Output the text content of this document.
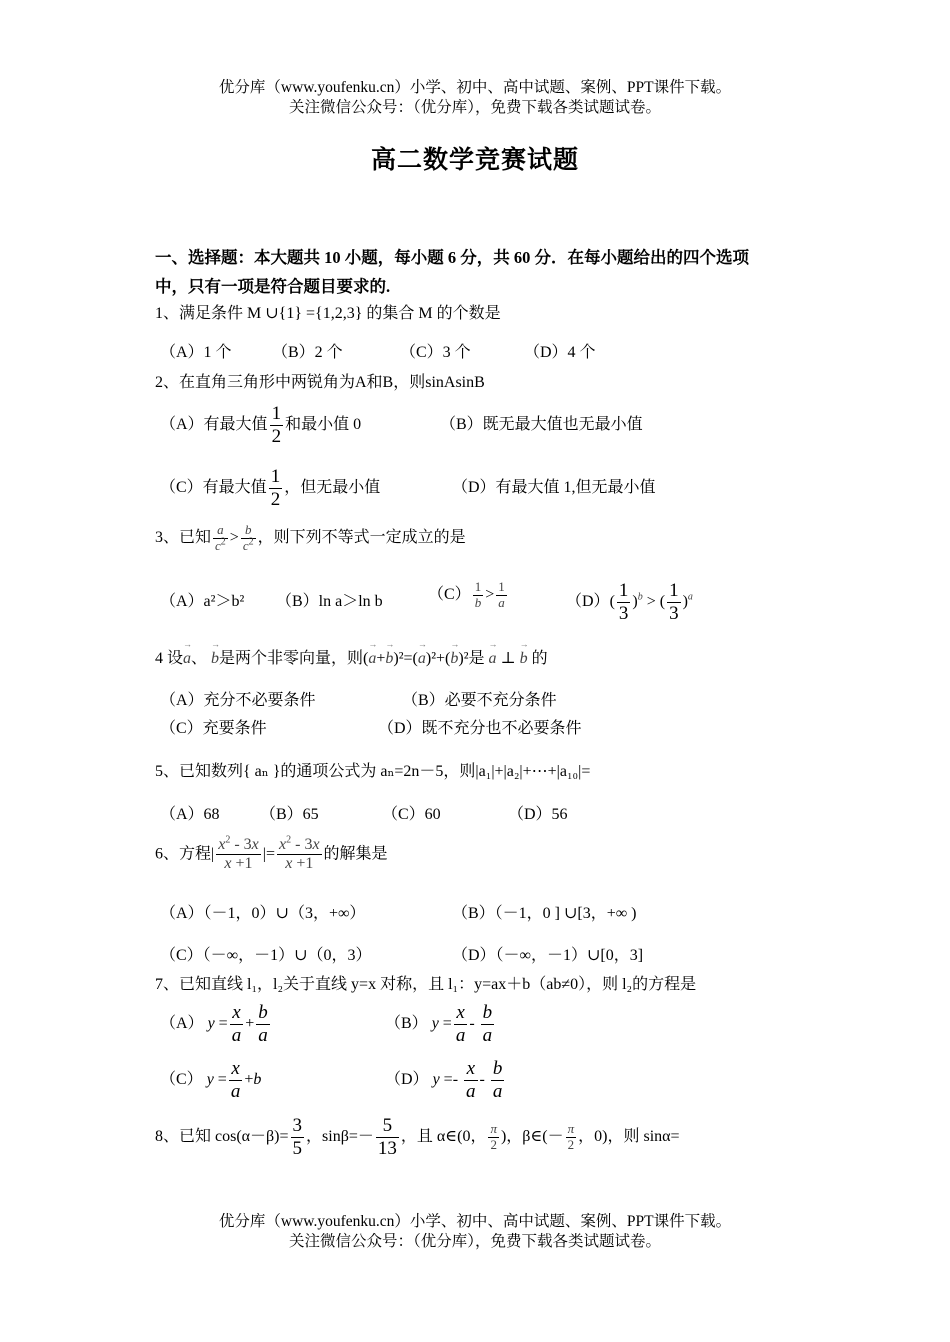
优分库（www.youfenku.cn）小学、初中、高中试题、案例、PPT课件下载。
关注微信公众号：（优分库），免费下载各类试题试卷。
高二数学竞赛试题
一、选择题：本大题共 10 小题，每小题 6 分，共 60 分．在每小题给出的四个选项
中，只有一项是符合题目要求的.
1、满足条件 M ∪{1} ={1,2,3} 的集合 M 的个数是
（A）1 个	（B）2 个	（C）3 个	（D）4 个
2、在直角三角形中两锐角为A和B，则sinAsinB
（A）有最大值 $\frac{1}{2}$ 和最小值 0	（B）既无最大值也无最小值
（C）有最大值 $\frac{1}{2}$ ，但无最小值	（D）有最大值 1,但无最小值
3、已知 $\frac{a}{c^2} > \frac{b}{c^2}$ ，则下列不等式一定成立的是
（A）a²＞b² （B）ln a＞ln b	$(C) \frac{1}{b} > \frac{1}{a}$	$(D)( \frac{1}{3} )^b$ > ( $\frac{1}{3} )^a$
4 设→ a、 → b是两个非零向量，则(→ a+→ b)²=(→ a)²+(→ b)²是 → a ⊥ → b 的
（A）充分不必要条件	（B）必要不充分条件
（C）充要条件	（D）既不充分也不必要条件
5、已知数列{ aₙ }的通项公式为 aₙ=2n－5，则|a₁|+|a₂|+⋯+|a₁₀|=
（A）68	（B）65	（C）60	（D）56
6、方程| $\frac{x^2 - 3x}{x +1}$ |= $\frac{x^2 - 3x}{x +1}$ 的解集是
（A）（－1，0）∪（3，+∞）	（B）（－1，0 ] ∪[3，+∞ )
（C）（－∞，－1）∪（0，3）	（D）（－∞，－1）∪[0，3]
7、已知直线 l₁，l₂关于直线 y=x 对称，且 l₁：y=ax＋b（ab≠0），则 l₂的方程是
（A） $y = \frac{x}{a} + \frac{b}{a}$	（B） $y = \frac{x}{a} - \frac{b}{a}$
（C） $y = \frac{x}{a} +b$	（D） $y =- \frac{x}{a} - \frac{b}{a}$
8、已知 $\cos(\alpha-\beta)= \frac{3}{5}$ ，$\sin\beta=- \frac{5}{13}$ ，且 α∈(0， $\frac{\pi}{2}$ )，β∈(－ $\frac{\pi}{2}$ ，0)，则 sinα=
优分库（www.youfenku.cn）小学、初中、高中试题、案例、PPT课件下载。
关注微信公众号：（优分库），免费下载各类试题试卷。
